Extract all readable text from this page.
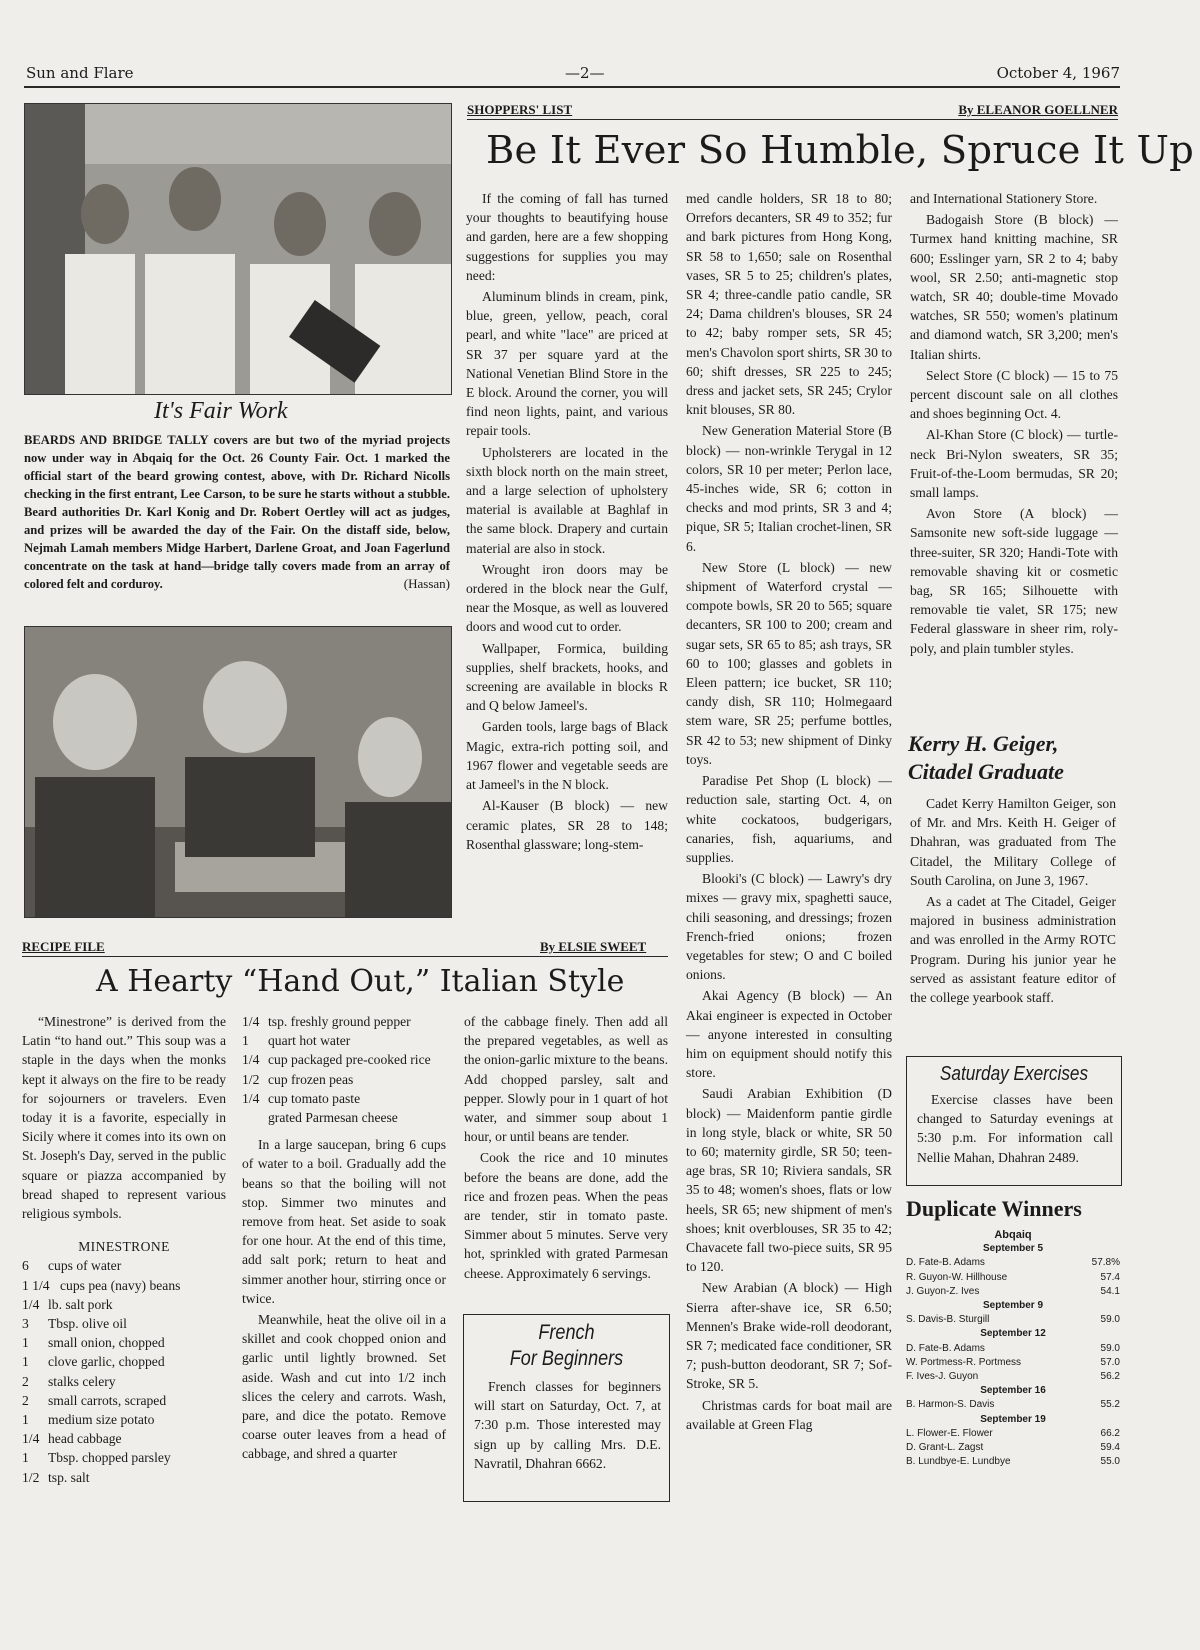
Sun and Flare	—2—	October 4, 1967
It's Fair Work
BEARDS AND BRIDGE TALLY covers are but two of the myriad projects now under way in Abqaiq for the Oct. 26 County Fair. Oct. 1 marked the official start of the beard growing contest, above, with Dr. Richard Nicolls checking in the first entrant, Lee Carson, to be sure he starts without a stubble. Beard authorities Dr. Karl Konig and Dr. Robert Oertley will act as judges, and prizes will be awarded the day of the Fair. On the distaff side, below, Nejmah Lamah members Midge Harbert, Darlene Groat, and Joan Fagerlund concentrate on the task at hand—bridge tally covers made from an array of colored felt and corduroy.	(Hassan)
SHOPPERS' LIST	By ELEANOR GOELLNER
Be It Ever So Humble, Spruce It Up

If the coming of fall has turned your thoughts to beautifying house and garden, here are a few shopping suggestions for supplies you may need:

Aluminum blinds in cream, pink, blue, green, yellow, peach, coral pearl, and white "lace" are priced at SR 37 per square yard at the National Venetian Blind Store in the E block. Around the corner, you will find neon lights, paint, and various repair tools.

Upholsterers are located in the sixth block north on the main street, and a large selection of upholstery material is available at Baghlaf in the same block. Drapery and curtain material are also in stock.

Wrought iron doors may be ordered in the block near the Gulf, near the Mosque, as well as louvered doors and wood cut to order.

Wallpaper, Formica, building supplies, shelf brackets, hooks, and screening are available in blocks R and Q below Jameel's.

Garden tools, large bags of Black Magic, extra-rich potting soil, and 1967 flower and vegetable seeds are at Jameel's in the N block.

Al-Kauser (B block) — new ceramic plates, SR 28 to 148; Rosenthal glassware; long-stem-

med candle holders, SR 18 to 80; Orrefors decanters, SR 49 to 352; fur and bark pictures from Hong Kong, SR 58 to 1,650; sale on Rosenthal vases, SR 5 to 25; children's plates, SR 4; three-candle patio candle, SR 24; Dama children's blouses, SR 24 to 42; baby romper sets, SR 45; men's Chavolon sport shirts, SR 30 to 60; shift dresses, SR 225 to 245; dress and jacket sets, SR 245; Crylor knit blouses, SR 80.

New Generation Material Store (B block) — non-wrinkle Terygal in 12 colors, SR 10 per meter; Perlon lace, 45-inches wide, SR 6; cotton in checks and mod prints, SR 3 and 4; pique, SR 5; Italian crochet-linen, SR 6.

New Store (L block) — new shipment of Waterford crystal —compote bowls, SR 20 to 565; square decanters, SR 100 to 200; cream and sugar sets, SR 65 to 85; ash trays, SR 60 to 100; glasses and goblets in Eleen pattern; ice bucket, SR 110; candy dish, SR 110; Holmegaard stem ware, SR 25; perfume bottles, SR 42 to 53; new shipment of Dinky toys.

Paradise Pet Shop (L block) — reduction sale, starting Oct. 4, on white cockatoos, budgerigars, canaries, fish, aquariums, and supplies.

Blooki's (C block) — Lawry's dry mixes — gravy mix, spaghetti sauce, chili seasoning, and dressings; frozen French-fried onions; frozen vegetables for stew; O and C boiled onions.

Akai Agency (B block) — An Akai engineer is expected in October — anyone interested in consulting him on equipment should notify this store.

Saudi Arabian Exhibition (D block) — Maidenform pantie girdle in long style, black or white, SR 50 to 60; maternity girdle, SR 50; teen-age bras, SR 10; Riviera sandals, SR 35 to 48; women's shoes, flats or low heels, SR 65; new shipment of men's shoes; knit overblouses, SR 35 to 42; Chavacete fall two-piece suits, SR 95 to 120.

New Arabian (A block) — High Sierra after-shave ice, SR 6.50; Mennen's Brake wide-roll deodorant, SR 7; medicated face conditioner, SR 7; push-button deodorant, SR 7; Sof-Stroke, SR 5.

Christmas cards for boat mail are available at Green Flag

and International Stationery Store.

Badogaish Store (B block) — Turmex hand knitting machine, SR 600; Esslinger yarn, SR 2 to 4; baby wool, SR 2.50; anti-magnetic stop watch, SR 40; double-time Movado watches, SR 550; women's platinum and diamond watch, SR 3,200; men's Italian shirts.

Select Store (C block) — 15 to 75 percent discount sale on all clothes and shoes beginning Oct. 4.

Al-Khan Store (C block) — turtle-neck Bri-Nylon sweaters, SR 35; Fruit-of-the-Loom bermudas, SR 20; small lamps.

Avon Store (A block) — Samsonite new soft-side luggage — three-suiter, SR 320; Handi-Tote with removable shaving kit or cosmetic bag, SR 165; Silhouette with removable tie valet, SR 175; new Federal glassware in sheer rim, roly-poly, and plain tumbler styles.

Kerry H. Geiger,
Citadel Graduate

Cadet Kerry Hamilton Geiger, son of Mr. and Mrs. Keith H. Geiger of Dhahran, was graduated from The Citadel, the Military College of South Carolina, on June 3, 1967.

As a cadet at The Citadel, Geiger majored in business administration and was enrolled in the Army ROTC Program. During his junior year he served as assistant feature editor of the college yearbook staff.

Saturday Exercises
Exercise classes have been changed to Saturday evenings at 5:30 p.m. For information call Nellie Mahan, Dhahran 2489.
Duplicate Winners
Abqaiq
September 5
D. Fate-B. Adams	57.8%
R. Guyon-W. Hillhouse	57.4
J. Guyon-Z. Ives	54.1
September 9
S. Davis-B. Sturgill	59.0
September 12
D. Fate-B. Adams	59.0
W. Portmess-R. Portmess	57.0
F. Ives-J. Guyon	56.2
September 16
B. Harmon-S. Davis	55.2
September 19
L. Flower-E. Flower	66.2
D. Grant-L. Zagst	59.4
B. Lundbye-E. Lundbye	55.0
RECIPE FILE	By ELSIE SWEET
A Hearty “Hand Out,” Italian Style

“Minestrone” is derived from the Latin “to hand out.” This soup was a staple in the days when the monks kept it always on the fire to be ready for sojourners or travelers. Even today it is a favorite, especially in Sicily where it comes into its own on St. Joseph's Day, served in the public square or piazza accompanied by bread shaped to represent various religious symbols.

MINESTRONE
6	cups of water
1 1/4 cups pea (navy) beans
1/4 lb. salt pork
3	Tbsp. olive oil
1	small onion, chopped
1	clove garlic, chopped
2	stalks celery
2	small carrots, scraped
1	medium size potato
1/4 head cabbage
1	Tbsp. chopped parsley
1/2 tsp. salt
1/4 tsp. freshly ground pepper
1	quart hot water
1/4 cup packaged pre-cooked rice
1/2 cup frozen peas
1/4 cup tomato paste
grated Parmesan cheese

In a large saucepan, bring 6 cups of water to a boil. Gradually add the beans so that the boiling will not stop. Simmer two minutes and remove from heat. Set aside to soak for one hour. At the end of this time, add salt pork; return to heat and simmer another hour, stirring once or twice.

Meanwhile, heat the olive oil in a skillet and cook chopped onion and garlic until lightly browned. Set aside. Wash and cut into 1/2 inch slices the celery and carrots. Wash, pare, and dice the potato. Remove coarse outer leaves from a head of cabbage, and shred a quarter

of the cabbage finely. Then add all the prepared vegetables, as well as the onion-garlic mixture to the beans. Add chopped parsley, salt and pepper. Slowly pour in 1 quart of hot water, and simmer soup about 1 hour, or until beans are tender.

Cook the rice and 10 minutes before the beans are done, add the rice and frozen peas. When the peas are tender, stir in tomato paste. Simmer about 5 minutes. Serve very hot, sprinkled with grated Parmesan cheese. Approximately 6 servings.

French
For Beginners
French classes for beginners will start on Saturday, Oct. 7, at 7:30 p.m. Those interested may sign up by calling Mrs. D.E. Navratil, Dhahran 6662.
